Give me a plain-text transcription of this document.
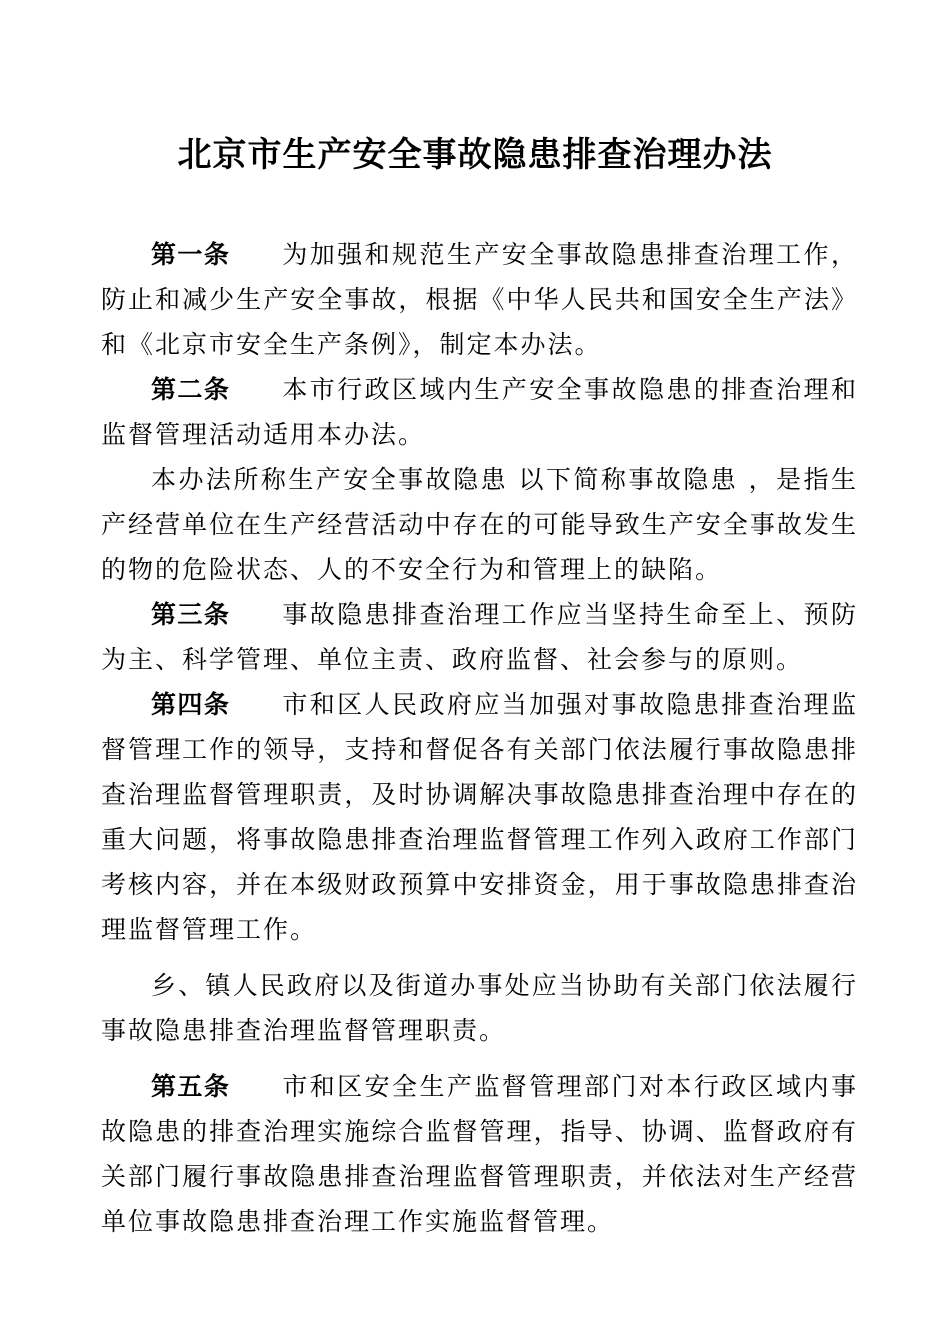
北京市生产安全事故隐患排查治理办法

第一条 为加强和规范生产安全事故隐患排查治理工作，防止和减少生产安全事故，根据《中华人民共和国安全生产法》和《北京市安全生产条例》，制定本办法。

第二条 本市行政区域内生产安全事故隐患的排查治理和监督管理活动适用本办法。

本办法所称生产安全事故隐患 以下简称事故隐患 ，是指生产经营单位在生产经营活动中存在的可能导致生产安全事故发生的物的危险状态、人的不安全行为和管理上的缺陷。

第三条 事故隐患排查治理工作应当坚持生命至上、预防为主、科学管理、单位主责、政府监督、社会参与的原则。

第四条 市和区人民政府应当加强对事故隐患排查治理监督管理工作的领导，支持和督促各有关部门依法履行事故隐患排查治理监督管理职责，及时协调解决事故隐患排查治理中存在的重大问题，将事故隐患排查治理监督管理工作列入政府工作部门考核内容，并在本级财政预算中安排资金，用于事故隐患排查治理监督管理工作。

乡、镇人民政府以及街道办事处应当协助有关部门依法履行事故隐患排查治理监督管理职责。

第五条 市和区安全生产监督管理部门对本行政区域内事故隐患的排查治理实施综合监督管理，指导、协调、监督政府有关部门履行事故隐患排查治理监督管理职责，并依法对生产经营单位事故隐患排查治理工作实施监督管理。
